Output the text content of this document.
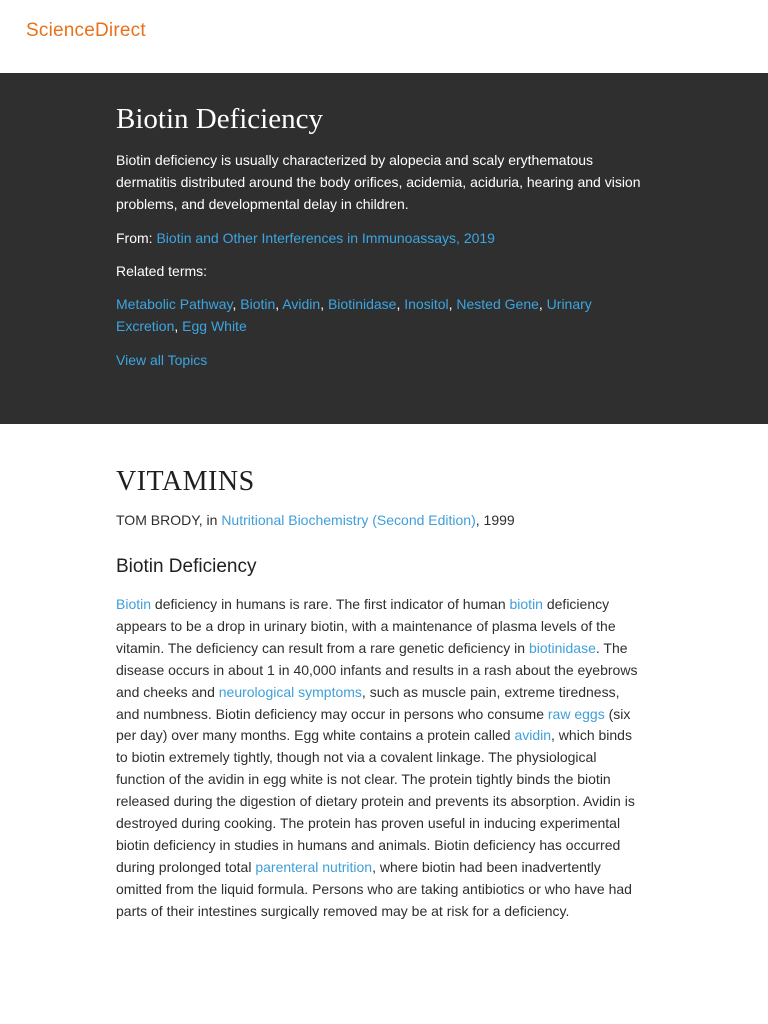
ScienceDirect
Biotin Deficiency

Biotin deficiency is usually characterized by alopecia and scaly erythematous dermatitis distributed around the body orifices, acidemia, aciduria, hearing and vision problems, and developmental delay in children.

From: Biotin and Other Interferences in Immunoassays, 2019

Related terms:

Metabolic Pathway, Biotin, Avidin, Biotinidase, Inositol, Nested Gene, Urinary Excretion, Egg White

View all Topics
VITAMINS

TOM BRODY, in Nutritional Biochemistry (Second Edition), 1999

Biotin Deficiency

Biotin deficiency in humans is rare. The first indicator of human biotin deficiency appears to be a drop in urinary biotin, with a maintenance of plasma levels of the vitamin. The deficiency can result from a rare genetic deficiency in biotinidase. The disease occurs in about 1 in 40,000 infants and results in a rash about the eyebrows and cheeks and neurological symptoms, such as muscle pain, extreme tiredness, and numbness. Biotin deficiency may occur in persons who consume raw eggs (six per day) over many months. Egg white contains a protein called avidin, which binds to biotin extremely tightly, though not via a covalent linkage. The physiological function of the avidin in egg white is not clear. The protein tightly binds the biotin released during the digestion of dietary protein and prevents its absorption. Avidin is destroyed during cooking. The protein has proven useful in inducing experimental biotin deficiency in studies in humans and animals. Biotin deficiency has occurred during prolonged total parenteral nutrition, where biotin had been inadvertently omitted from the liquid formula. Persons who are taking antibiotics or who have had parts of their intestines surgically removed may be at risk for a deficiency.
